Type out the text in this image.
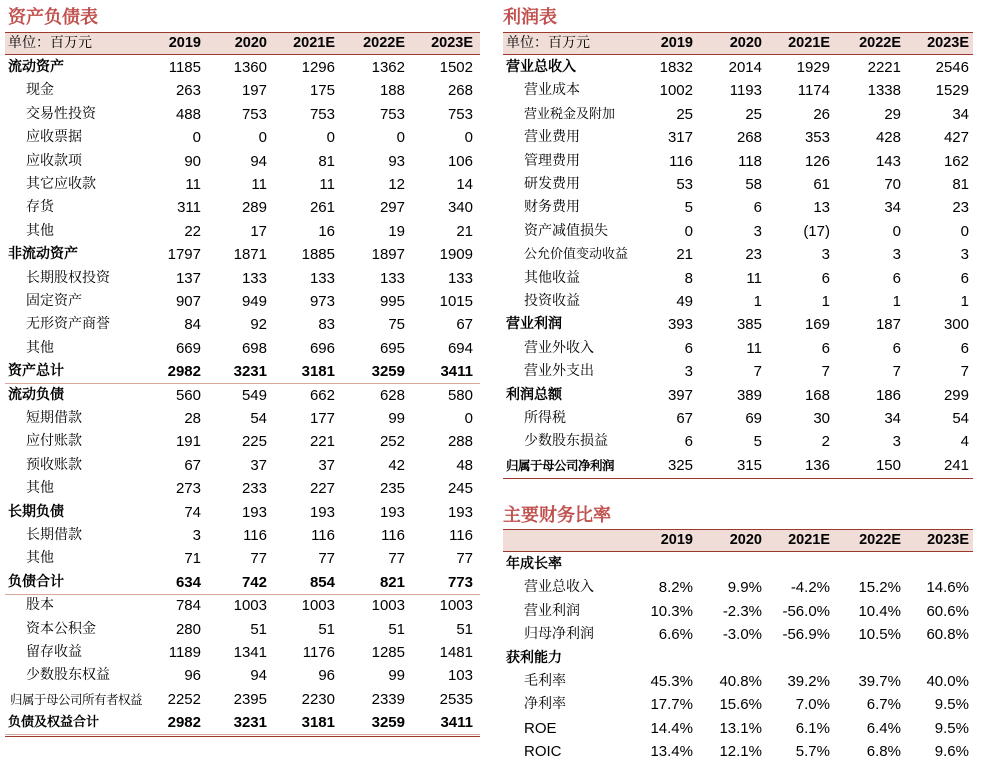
资产负债表
单位：百万元	2019	2020	2021E	2022E	2023E
流动资产	1185	1360	1296	1362	1502
现金	263	197	175	188	268
交易性投资	488	753	753	753	753
应收票据	0	0	0	0	0
应收款项	90	94	81	93	106
其它应收款	11	11	11	12	14
存货	311	289	261	297	340
其他	22	17	16	19	21
非流动资产	1797	1871	1885	1897	1909
长期股权投资	137	133	133	133	133
固定资产	907	949	973	995	1015
无形资产商誉	84	92	83	75	67
其他	669	698	696	695	694
资产总计	2982	3231	3181	3259	3411
流动负债	560	549	662	628	580
短期借款	28	54	177	99	0
应付账款	191	225	221	252	288
预收账款	67	37	37	42	48
其他	273	233	227	235	245
长期负债	74	193	193	193	193
长期借款	3	116	116	116	116
其他	71	77	77	77	77
负债合计	634	742	854	821	773
股本	784	1003	1003	1003	1003
资本公积金	280	51	51	51	51
留存收益	1189	1341	1176	1285	1481
少数股东权益	96	94	96	99	103
归属于母公司所有者权益	2252	2395	2230	2339	2535
负债及权益合计	2982	3231	3181	3259	3411
利润表
单位：百万元	2019	2020	2021E	2022E	2023E
营业总收入	1832	2014	1929	2221	2546
营业成本	1002	1193	1174	1338	1529
营业税金及附加	25	25	26	29	34
营业费用	317	268	353	428	427
管理费用	116	118	126	143	162
研发费用	53	58	61	70	81
财务费用	5	6	13	34	23
资产减值损失	0	3	(17)	0	0
公允价值变动收益	21	23	3	3	3
其他收益	8	11	6	6	6
投资收益	49	1	1	1	1
营业利润	393	385	169	187	300
营业外收入	6	11	6	6	6
营业外支出	3	7	7	7	7
利润总额	397	389	168	186	299
所得税	67	69	30	34	54
少数股东损益	6	5	2	3	4
归属于母公司净利润	325	315	136	150	241
主要财务比率
2019	2020	2021E	2022E	2023E
年成长率
营业总收入	8.2%	9.9%	-4.2%	15.2%	14.6%
营业利润	10.3%	-2.3%	-56.0%	10.4%	60.6%
归母净利润	6.6%	-3.0%	-56.9%	10.5%	60.8%
获利能力
毛利率	45.3%	40.8%	39.2%	39.7%	40.0%
净利率	17.7%	15.6%	7.0%	6.7%	9.5%
ROE	14.4%	13.1%	6.1%	6.4%	9.5%
ROIC	13.4%	12.1%	5.7%	6.8%	9.6%
